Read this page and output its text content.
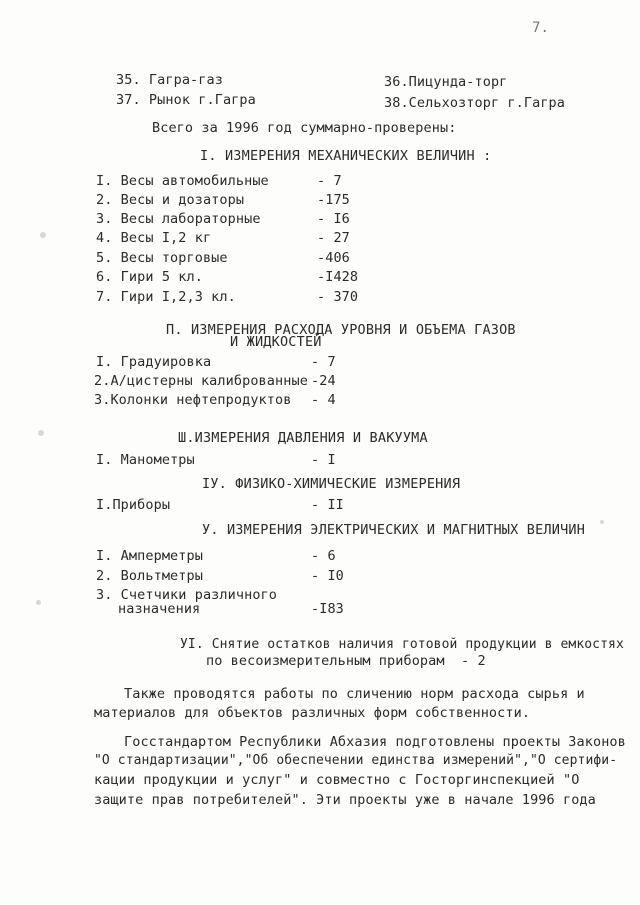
7.
35. Гагра-газ	36.Пицунда-торг
37. Рынок г.Гагра	38.Сельхозторг г.Гагра
Всего за 1996 год суммарно-проверены:
I. ИЗМЕРЕНИЯ МЕХАНИЧЕСКИХ ВЕЛИЧИН :
I. Весы автомобильные	- 7
2. Весы и дозаторы	-175
3. Весы лабораторные	- I6
4. Весы I,2 кг	- 27
5. Весы торговые	-406
6. Гири 5 кл.	-I428
7. Гири I,2,3 кл.	- 370
П. ИЗМЕРЕНИЯ РАСХОДА УРОВНЯ И ОБЪЕМА ГАЗОВ
И ЖИДКОСТЕЙ
I. Градуировка	- 7
2.А/цистерны калиброванные -24
3.Колонки нефтепродуктов - 4
Ш.ИЗМЕРЕНИЯ ДАВЛЕНИЯ И ВАКУУМА
I. Манометры	- I
IУ. ФИЗИКО-ХИМИЧЕСКИЕ ИЗМЕРЕНИЯ
I.Приборы	- II
У. ИЗМЕРЕНИЯ ЭЛЕКТРИЧЕСКИХ И МАГНИТНЫХ ВЕЛИЧИН
I. Амперметры	- 6
2. Вольтметры	- I0
3. Счетчики различного
назначения	-I83
УI. Снятие остатков наличия готовой продукции в емкостях
по весоизмерительным приборам  - 2
Также проводятся работы по сличению норм расхода сырья и
материалов для объектов различных форм собственности.
Госстандартом Республики Абхазия подготовлены проекты Законов
"О стандартизации","Об обеспечении единства измерений","О сертифи-
кации продукции и услуг" и совместно с Госторгинспекцией "О
защите прав потребителей". Эти проекты уже в начале 1996 года
